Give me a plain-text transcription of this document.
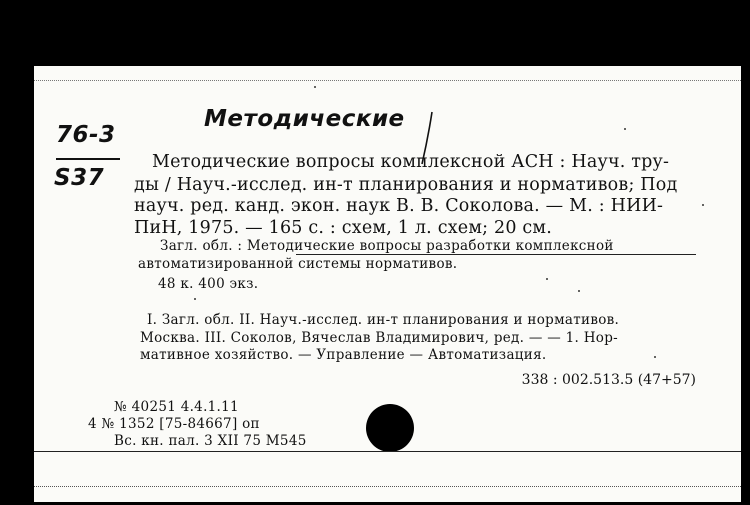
76-3
S37
Методические
Методические вопросы комплексной АСН : Науч. тру-
ды / Науч.-исслед. ин-т планирования и нормативов; Под
науч. ред. канд. экон. наук В. В. Соколова. — М. : НИИ-
ПиН, 1975. — 165 с. : схем, 1 л. схем; 20 см.
Загл. обл. : Методические вопросы разработки комплексной
автоматизированной системы нормативов.
48 к. 400 экз.
I. Загл. обл. II. Науч.-исслед. ин-т планирования и нормативов.
Москва. III. Соколов, Вячеслав Владимирович, ред. — — 1. Нор-
мативное хозяйство. — Управление — Автоматизация.
338 : 002.513.5 (47+57)
№ 40251 4.4.1.11
4 № 1352 [75-84667] оп
Вс. кн. пал. 3 XII 75 М545
